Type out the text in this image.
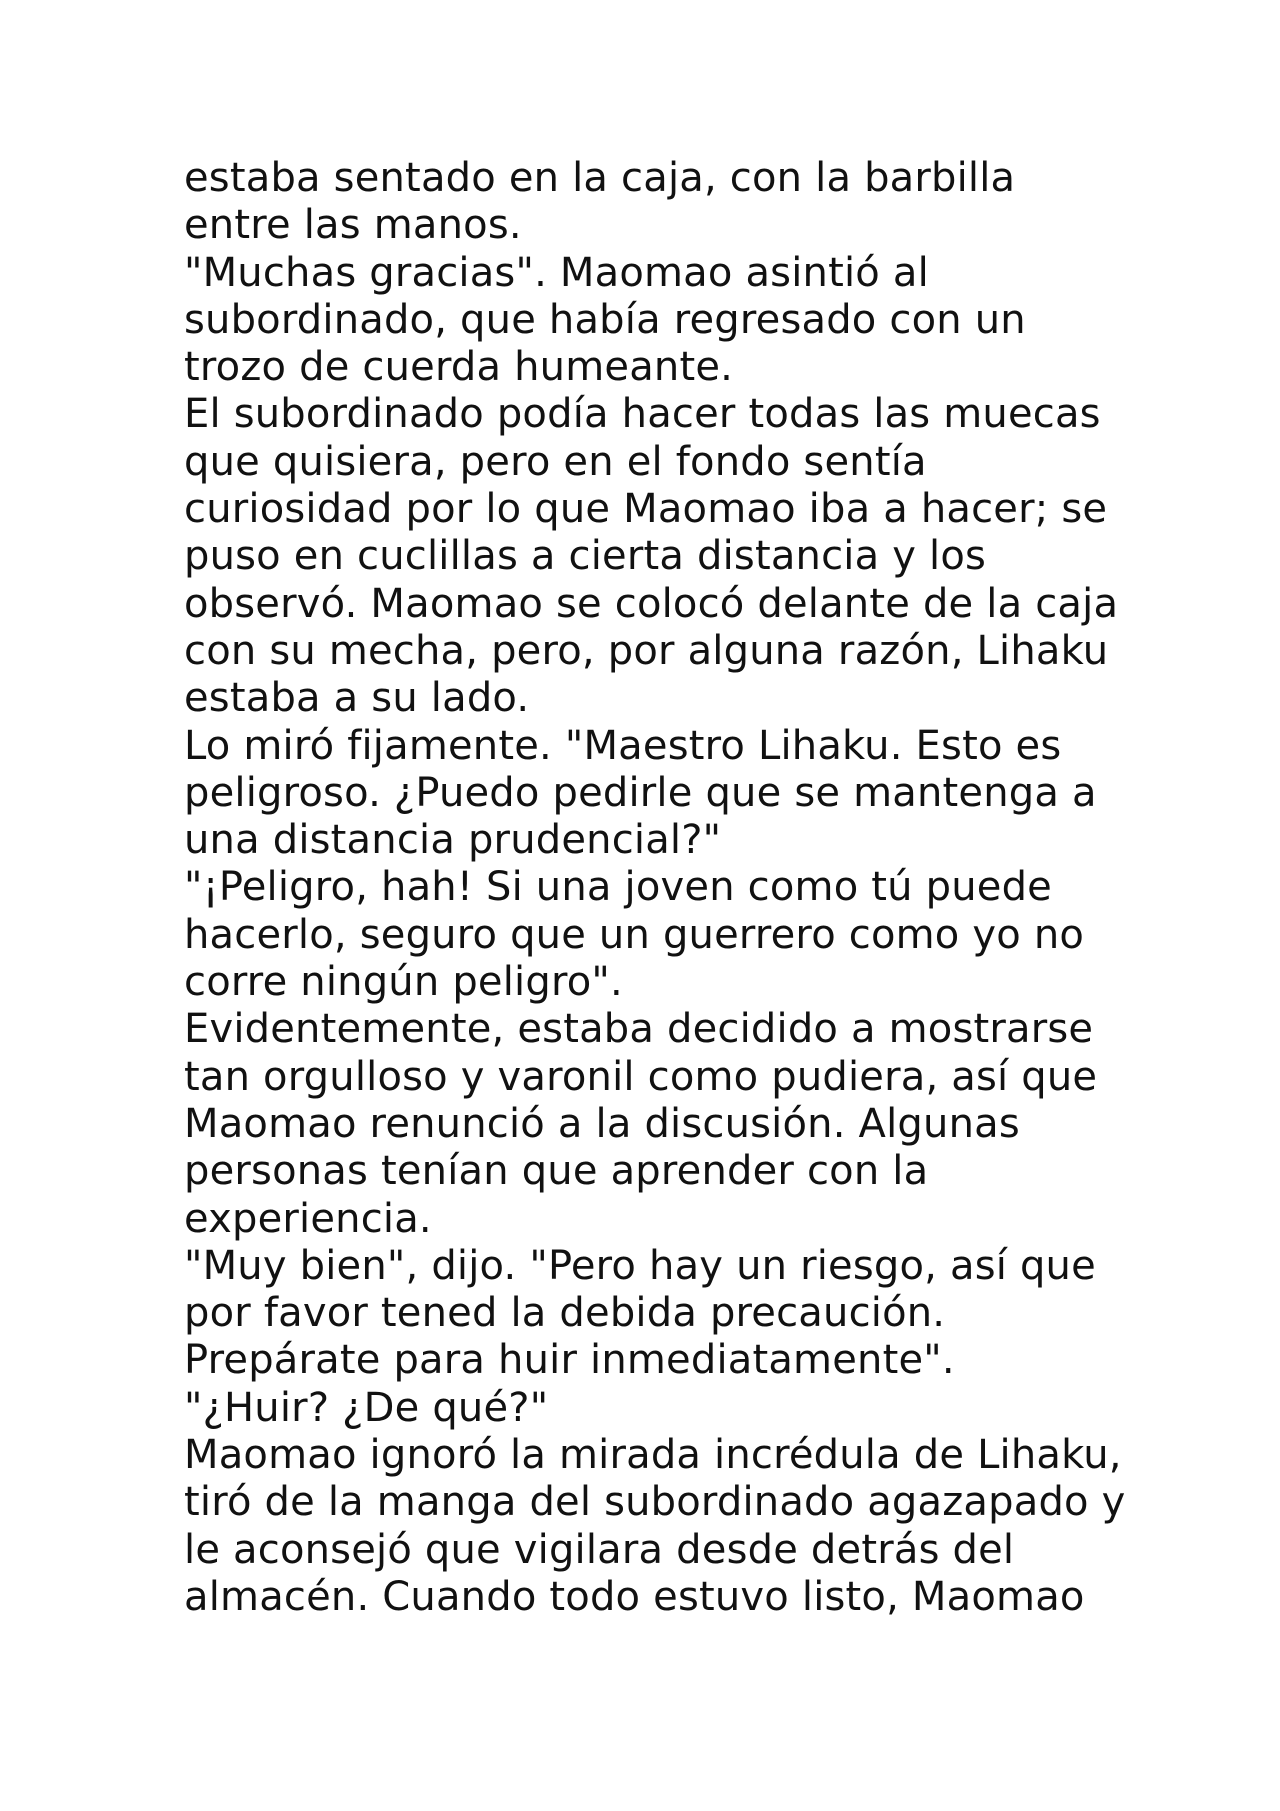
estaba sentado en la caja, con la barbilla
entre las manos.
"Muchas gracias". Maomao asintió al
subordinado, que había regresado con un
trozo de cuerda humeante.
El subordinado podía hacer todas las muecas
que quisiera, pero en el fondo sentía
curiosidad por lo que Maomao iba a hacer; se
puso en cuclillas a cierta distancia y los
observó. Maomao se colocó delante de la caja
con su mecha, pero, por alguna razón, Lihaku
estaba a su lado.
Lo miró fijamente. "Maestro Lihaku. Esto es
peligroso. ¿Puedo pedirle que se mantenga a
una distancia prudencial?"
"¡Peligro, hah! Si una joven como tú puede
hacerlo, seguro que un guerrero como yo no
corre ningún peligro".
Evidentemente, estaba decidido a mostrarse
tan orgulloso y varonil como pudiera, así que
Maomao renunció a la discusión. Algunas
personas tenían que aprender con la
experiencia.
"Muy bien", dijo. "Pero hay un riesgo, así que
por favor tened la debida precaución.
Prepárate para huir inmediatamente".
"¿Huir? ¿De qué?"
Maomao ignoró la mirada incrédula de Lihaku,
tiró de la manga del subordinado agazapado y
le aconsejó que vigilara desde detrás del
almacén. Cuando todo estuvo listo, Maomao
